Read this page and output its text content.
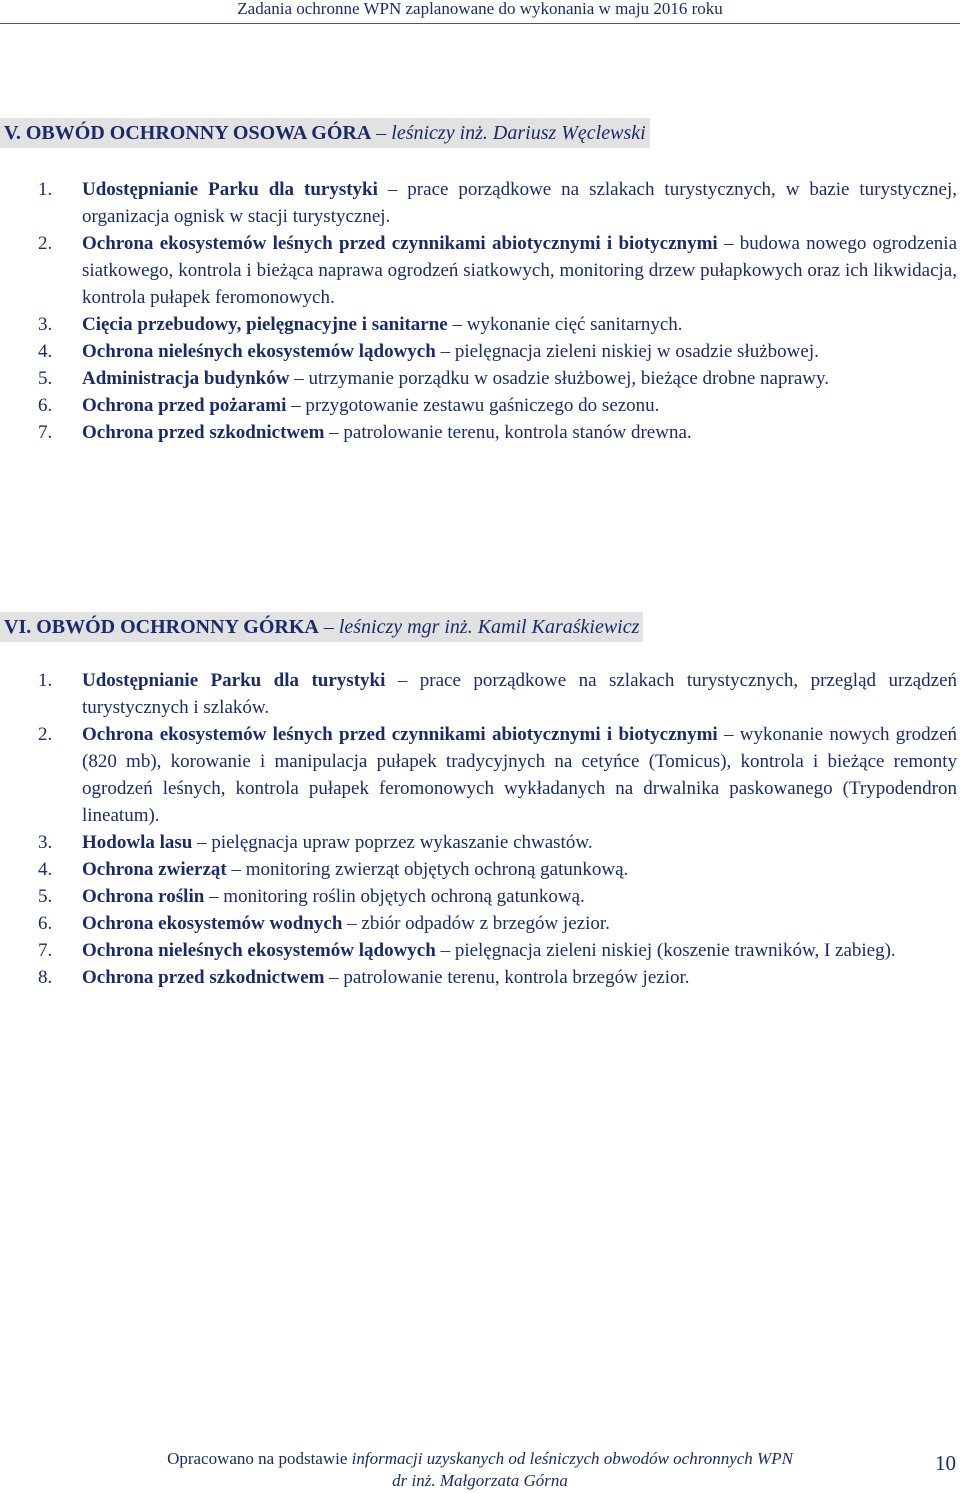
Zadania ochronne WPN zaplanowane do wykonania w maju 2016 roku
V. OBWÓD OCHRONNY OSOWA GÓRA – leśniczy inż. Dariusz Węclewski
1. Udostępnianie Parku dla turystyki – prace porządkowe na szlakach turystycznych, w bazie turystycznej, organizacja ognisk w stacji turystycznej.
2. Ochrona ekosystemów leśnych przed czynnikami abiotycznymi i biotycznymi – budowa nowego ogrodzenia siatkowego, kontrola i bieżąca naprawa ogrodzeń siatkowych, monitoring drzew pułapkowych oraz ich likwidacja, kontrola pułapek feromonowych.
3. Cięcia przebudowy, pielęgnacyjne i sanitarne – wykonanie cięć sanitarnych.
4. Ochrona nieleśnych ekosystemów lądowych – pielęgnacja zieleni niskiej w osadzie służbowej.
5. Administracja budynków – utrzymanie porządku w osadzie służbowej, bieżące drobne naprawy.
6. Ochrona przed pożarami – przygotowanie zestawu gaśniczego do sezonu.
7. Ochrona przed szkodnictwem – patrolowanie terenu, kontrola stanów drewna.
VI. OBWÓD OCHRONNY GÓRKA – leśniczy mgr inż. Kamil Karaśkiewicz
1. Udostępnianie Parku dla turystyki – prace porządkowe na szlakach turystycznych, przegląd urządzeń turystycznych i szlaków.
2. Ochrona ekosystemów leśnych przed czynnikami abiotycznymi i biotycznymi – wykonanie nowych grodzeń (820 mb), korowanie i manipulacja pułapek tradycyjnych na cetyńce (Tomicus), kontrola i bieżące remonty ogrodzeń leśnych, kontrola pułapek feromonowych wykładanych na drwalnika paskowanego (Trypodendron lineatum).
3. Hodowla lasu – pielęgnacja upraw poprzez wykaszanie chwastów.
4. Ochrona zwierząt – monitoring zwierząt objętych ochroną gatunkową.
5. Ochrona roślin – monitoring roślin objętych ochroną gatunkową.
6. Ochrona ekosystemów wodnych – zbiór odpadów z brzegów jezior.
7. Ochrona nieleśnych ekosystemów lądowych – pielęgnacja zieleni niskiej (koszenie trawników, I zabieg).
8. Ochrona przed szkodnictwem – patrolowanie terenu, kontrola brzegów jezior.
Opracowano na podstawie informacji uzyskanych od leśniczych obwodów ochronnych WPN
dr inż. Małgorzata Górna
10
